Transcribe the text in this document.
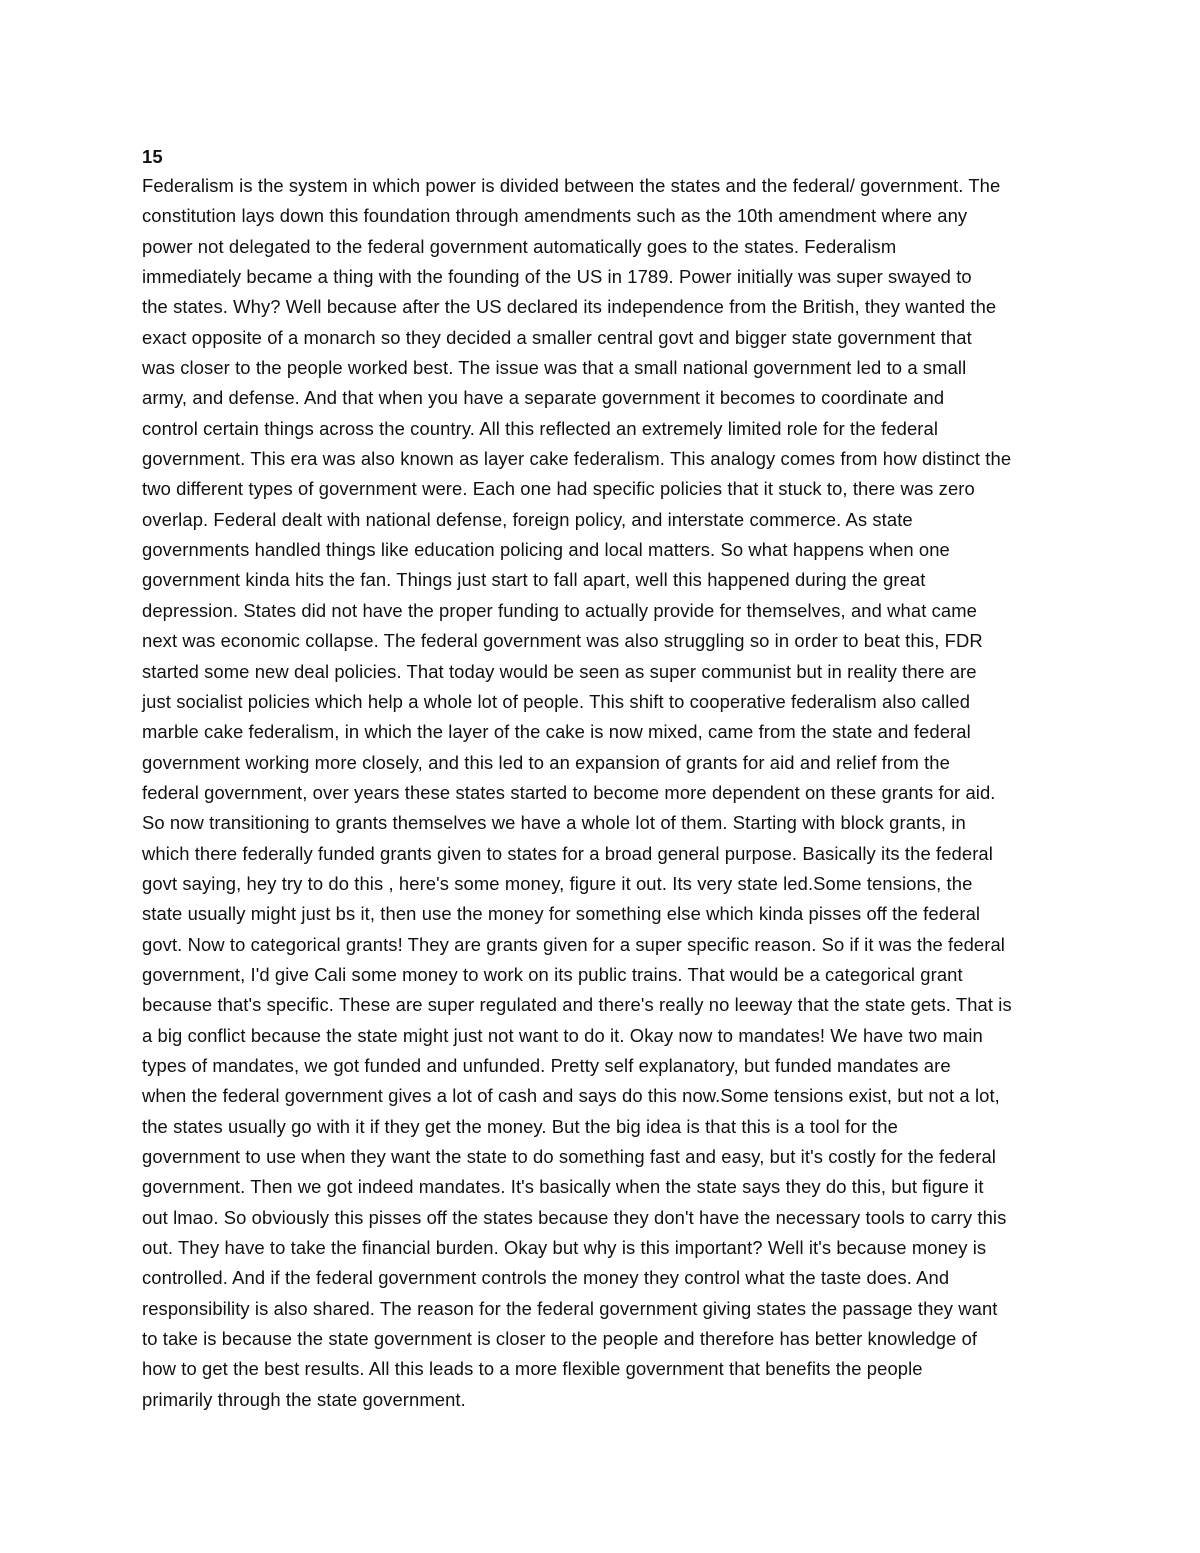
15
Federalism is the system in which power is divided between the states and the federal/ government. The
constitution lays down this foundation through amendments such as the 10th amendment where any
power not delegated to the federal government automatically goes to the states. Federalism
immediately became a thing with the founding of the US in 1789. Power initially was super swayed to
the states. Why? Well because after the US declared its independence from the British, they wanted the
exact opposite of a monarch so they decided a smaller central govt and bigger state government that
was closer to the people worked best. The issue was that a small national government led to a small
army, and defense. And that when you have a separate government it becomes to coordinate and
control certain things across the country. All this reflected an extremely limited role for the federal
government. This era was also known as layer cake federalism. This analogy comes from how distinct the
two different types of government were. Each one had specific policies that it stuck to, there was zero
overlap. Federal dealt with national defense, foreign policy, and interstate commerce. As state
governments handled things like education policing and local matters. So what happens when one
government kinda hits the fan. Things just start to fall apart, well this happened during the great
depression. States did not have the proper funding to actually provide for themselves, and what came
next was economic collapse. The federal government was also struggling so in order to beat this, FDR
started some new deal policies. That today would be seen as super communist but in reality there are
just socialist policies which help a whole lot of people. This shift to cooperative federalism also called
marble cake federalism, in which the layer of the cake is now mixed, came from the state and federal
government working more closely, and this led to an expansion of grants for aid and relief from the
federal government, over years these states started to become more dependent on these grants for aid.
So now transitioning to grants themselves we have a whole lot of them. Starting with block grants, in
which there federally funded grants given to states for a broad general purpose. Basically its the federal
govt saying, hey try to do this , here's some money, figure it out. Its very state led.Some tensions, the
state usually might just bs it, then use the money for something else which kinda pisses off the federal
govt. Now to categorical grants! They are grants given for a super specific reason. So if it was the federal
government, I'd give Cali some money to work on its public trains. That would be a categorical grant
because that's specific. These are super regulated and there's really no leeway that the state gets. That is
a big conflict because the state might just not want to do it. Okay now to mandates! We have two main
types of mandates, we got funded and unfunded. Pretty self explanatory, but funded mandates are
when the federal government gives a lot of cash and says do this now.Some tensions exist, but not a lot,
the states usually go with it if they get the money. But the big idea is that this is a tool for the
government to use when they want the state to do something fast and easy, but it's costly for the federal
government. Then we got indeed mandates. It's basically when the state says they do this, but figure it
out lmao. So obviously this pisses off the states because they don't have the necessary tools to carry this
out. They have to take the financial burden. Okay but why is this important? Well it's because money is
controlled. And if the federal government controls the money they control what the taste does. And
responsibility is also shared. The reason for the federal government giving states the passage they want
to take is because the state government is closer to the people and therefore has better knowledge of
how to get the best results. All this leads to a more flexible government that benefits the people
primarily through the state government.
